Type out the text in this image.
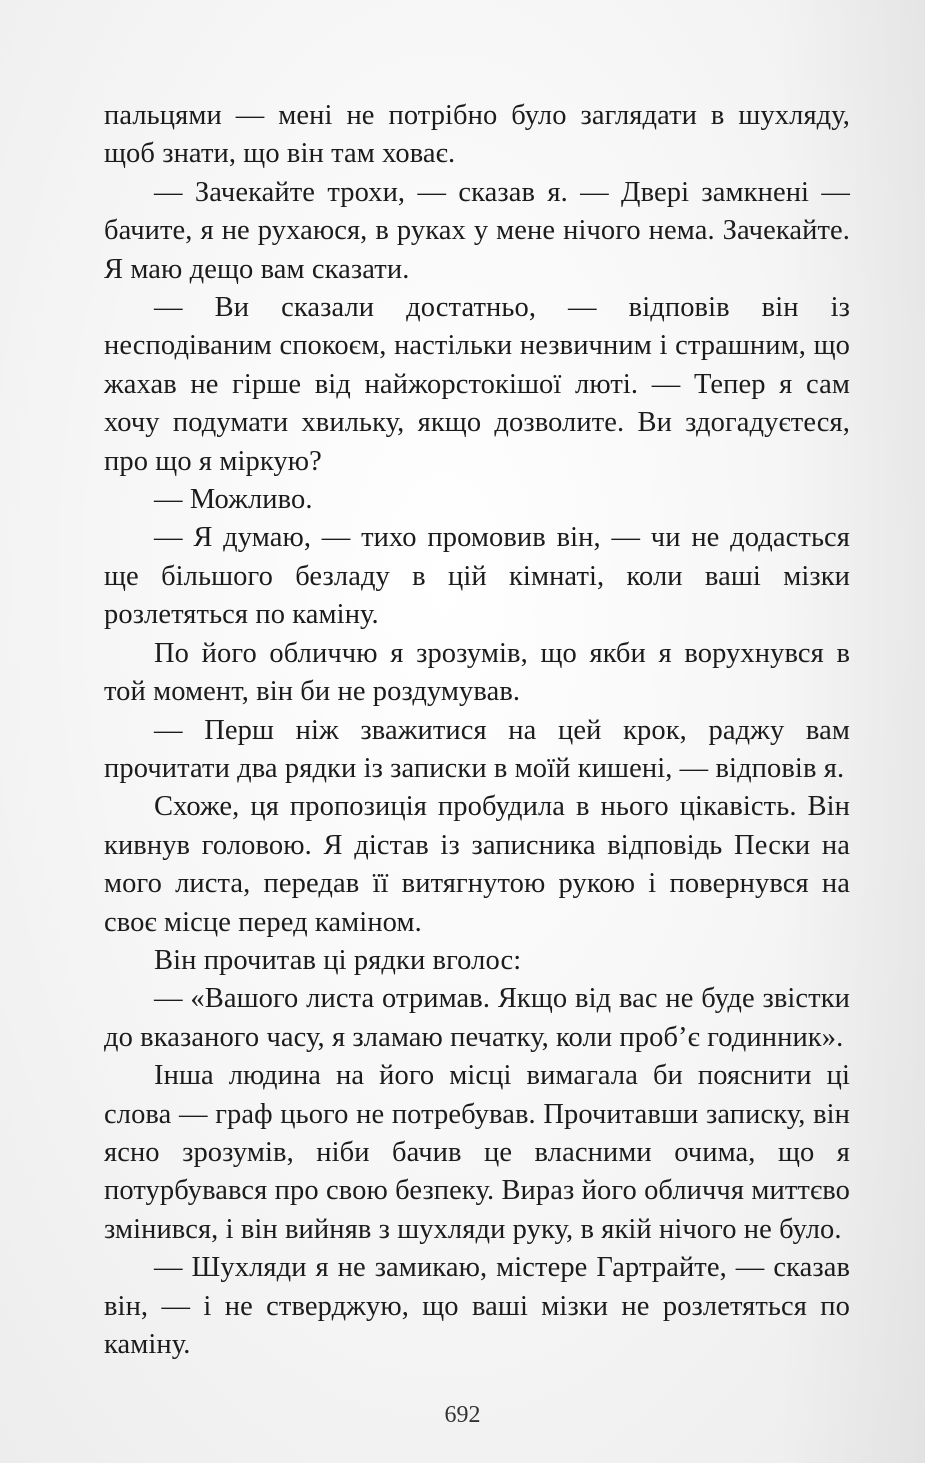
пальцями — мені не потрібно було заглядати в шухляду, щоб знати, що він там ховає.

— Зачекайте трохи, — сказав я. — Двері замкнені — бачите, я не рухаюся, в руках у мене нічого нема. Зачекайте. Я маю дещо вам сказати.

— Ви сказали достатньо, — відповів він із несподіваним спокоєм, настільки незвичним і страшним, що жахав не гірше від найжорстокішої люті. — Тепер я сам хочу подумати хвильку, якщо дозволите. Ви здогадуєтеся, про що я міркую?

— Можливо.

— Я думаю, — тихо промовив він, — чи не додасться ще більшого безладу в цій кімнаті, коли ваші мізки розлетяться по каміну.

По його обличчю я зрозумів, що якби я ворухнувся в той момент, він би не роздумував.

— Перш ніж зважитися на цей крок, раджу вам прочитати два рядки із записки в моїй кишені, — відповів я.

Схоже, ця пропозиція пробудила в нього цікавість. Він кивнув головою. Я дістав із записника відповідь Пески на мого листа, передав її витягнутою рукою і повернувся на своє місце перед каміном.

Він прочитав ці рядки вголос:

— «Вашого листа отримав. Якщо від вас не буде звістки до вказаного часу, я зламаю печатку, коли проб’є годинник».

Інша людина на його місці вимагала би пояснити ці слова — граф цього не потребував. Прочитавши записку, він ясно зрозумів, ніби бачив це власними очима, що я потурбувався про свою безпеку. Вираз його обличчя миттєво змінився, і він вийняв з шухляди руку, в якій нічого не було.

— Шухляди я не замикаю, містере Гартрайте, — сказав він, — і не стверджую, що ваші мізки не розлетяться по каміну.

692
